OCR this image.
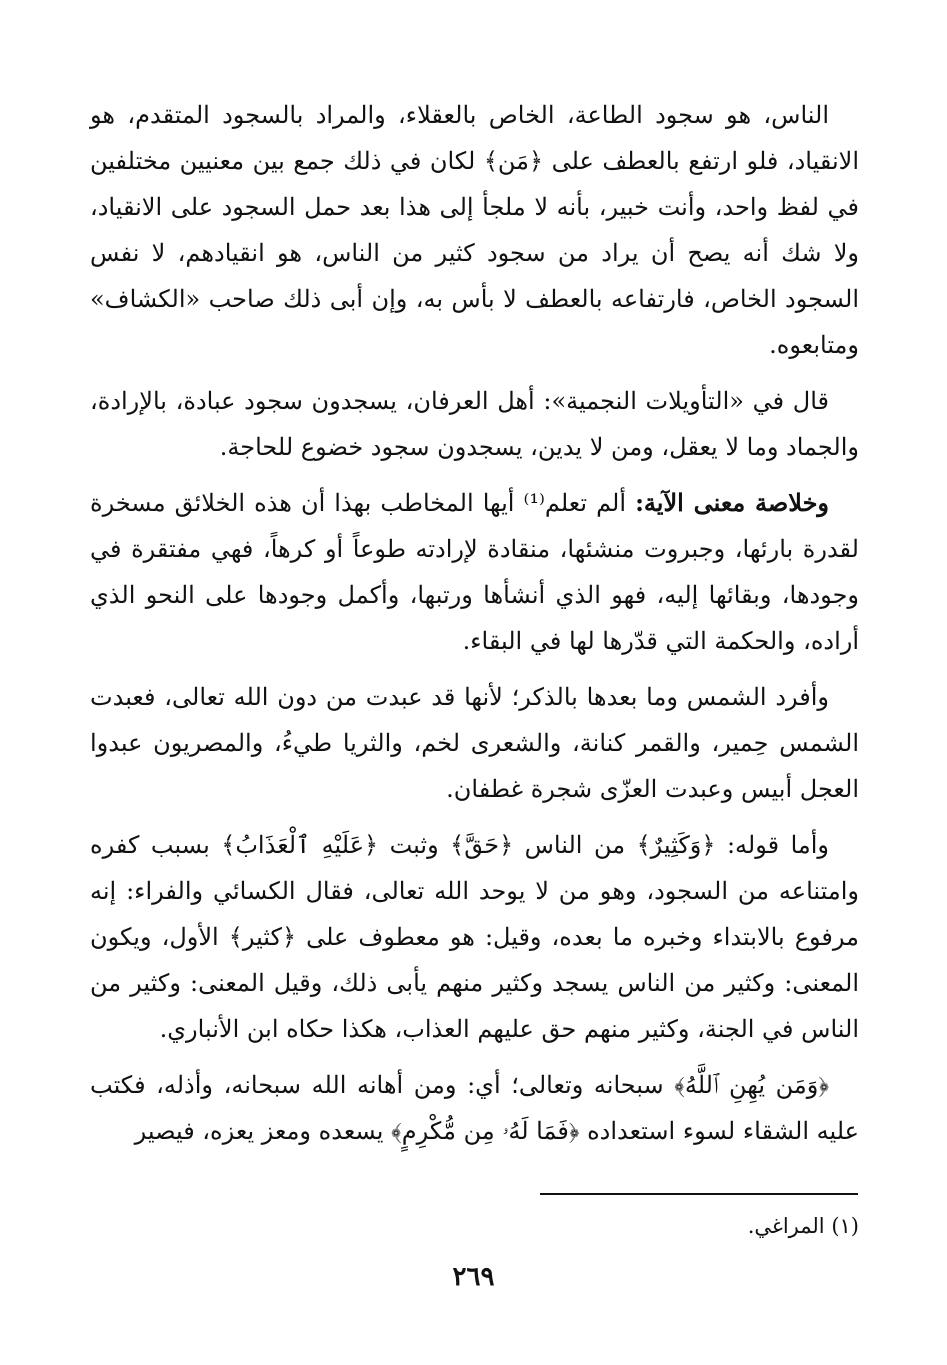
الناس، هو سجود الطاعة، الخاص بالعقلاء، والمراد بالسجود المتقدم، هو الانقياد، فلو ارتفع بالعطف على ﴿مَن﴾ لكان في ذلك جمع بين معنيين مختلفين في لفظ واحد، وأنت خبير، بأنه لا ملجأ إلى هذا بعد حمل السجود على الانقياد، ولا شك أنه يصح أن يراد من سجود كثير من الناس، هو انقيادهم، لا نفس السجود الخاص، فارتفاعه بالعطف لا بأس به، وإن أبى ذلك صاحب «الكشاف» ومتابعوه.

قال في «التأويلات النجمية»: أهل العرفان، يسجدون سجود عبادة، بالإرادة، والجماد وما لا يعقل، ومن لا يدين، يسجدون سجود خضوع للحاجة.

وخلاصة معنى الآية: ألم تعلم⁽¹⁾ أيها المخاطب بهذا أن هذه الخلائق مسخرة لقدرة بارئها، وجبروت منشئها، منقادة لإرادته طوعاً أو كرهاً، فهي مفتقرة في وجودها، وبقائها إليه، فهو الذي أنشأها ورتبها، وأكمل وجودها على النحو الذي أراده، والحكمة التي قدّرها لها في البقاء.

وأفرد الشمس وما بعدها بالذكر؛ لأنها قد عبدت من دون الله تعالى، فعبدت الشمس حِمير، والقمر كنانة، والشعرى لخم، والثريا طيءُ، والمصريون عبدوا العجل أبيس وعبدت العزّى شجرة غطفان.

وأما قوله: ﴿وَكَثِيرٌ﴾ من الناس ﴿حَقَّ﴾ وثبت ﴿عَلَيْهِ ٱلْعَذَابُ﴾ بسبب كفره وامتناعه من السجود، وهو من لا يوحد الله تعالى، فقال الكسائي والفراء: إنه مرفوع بالابتداء وخبره ما بعده، وقيل: هو معطوف على ﴿كثير﴾ الأول، ويكون المعنى: وكثير من الناس يسجد وكثير منهم يأبى ذلك، وقيل المعنى: وكثير من الناس في الجنة، وكثير منهم حق عليهم العذاب، هكذا حكاه ابن الأنباري.

﴿وَمَن يُهِنِ ٱللَّهُ﴾ سبحانه وتعالى؛ أي: ومن أهانه الله سبحانه، وأذله، فكتب عليه الشقاء لسوء استعداده ﴿فَمَا لَهُۥ مِن مُّكْرِمٍ﴾ يسعده ومعز يعزه، فيصير

(١) المراغي.
٢٦٩
